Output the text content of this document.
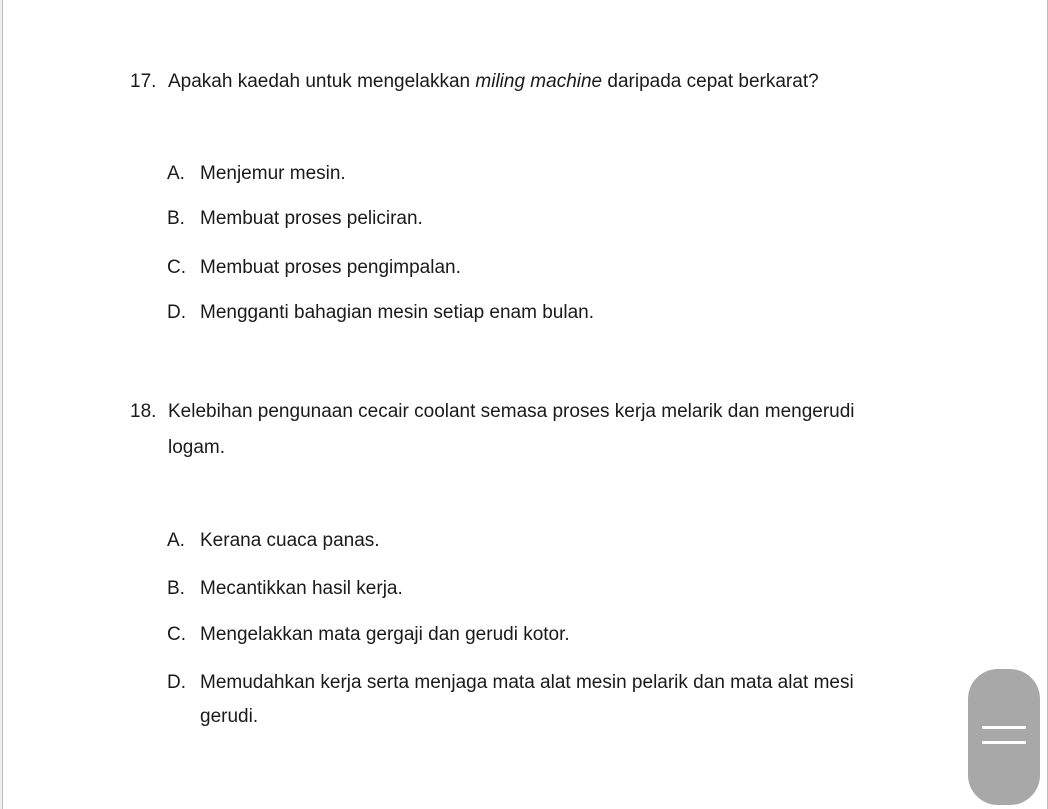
17. Apakah kaedah untuk mengelakkan miling machine daripada cepat berkarat?
A. Menjemur mesin.
B. Membuat proses peliciran.
C. Membuat proses pengimpalan.
D. Mengganti bahagian mesin setiap enam bulan.
18. Kelebihan pengunaan cecair coolant semasa proses kerja melarik dan mengerudi
logam.
A. Kerana cuaca panas.
B. Mecantikkan hasil kerja.
C. Mengelakkan mata gergaji dan gerudi kotor.
D. Memudahkan kerja serta menjaga mata alat mesin pelarik dan mata alat mesi
gerudi.
